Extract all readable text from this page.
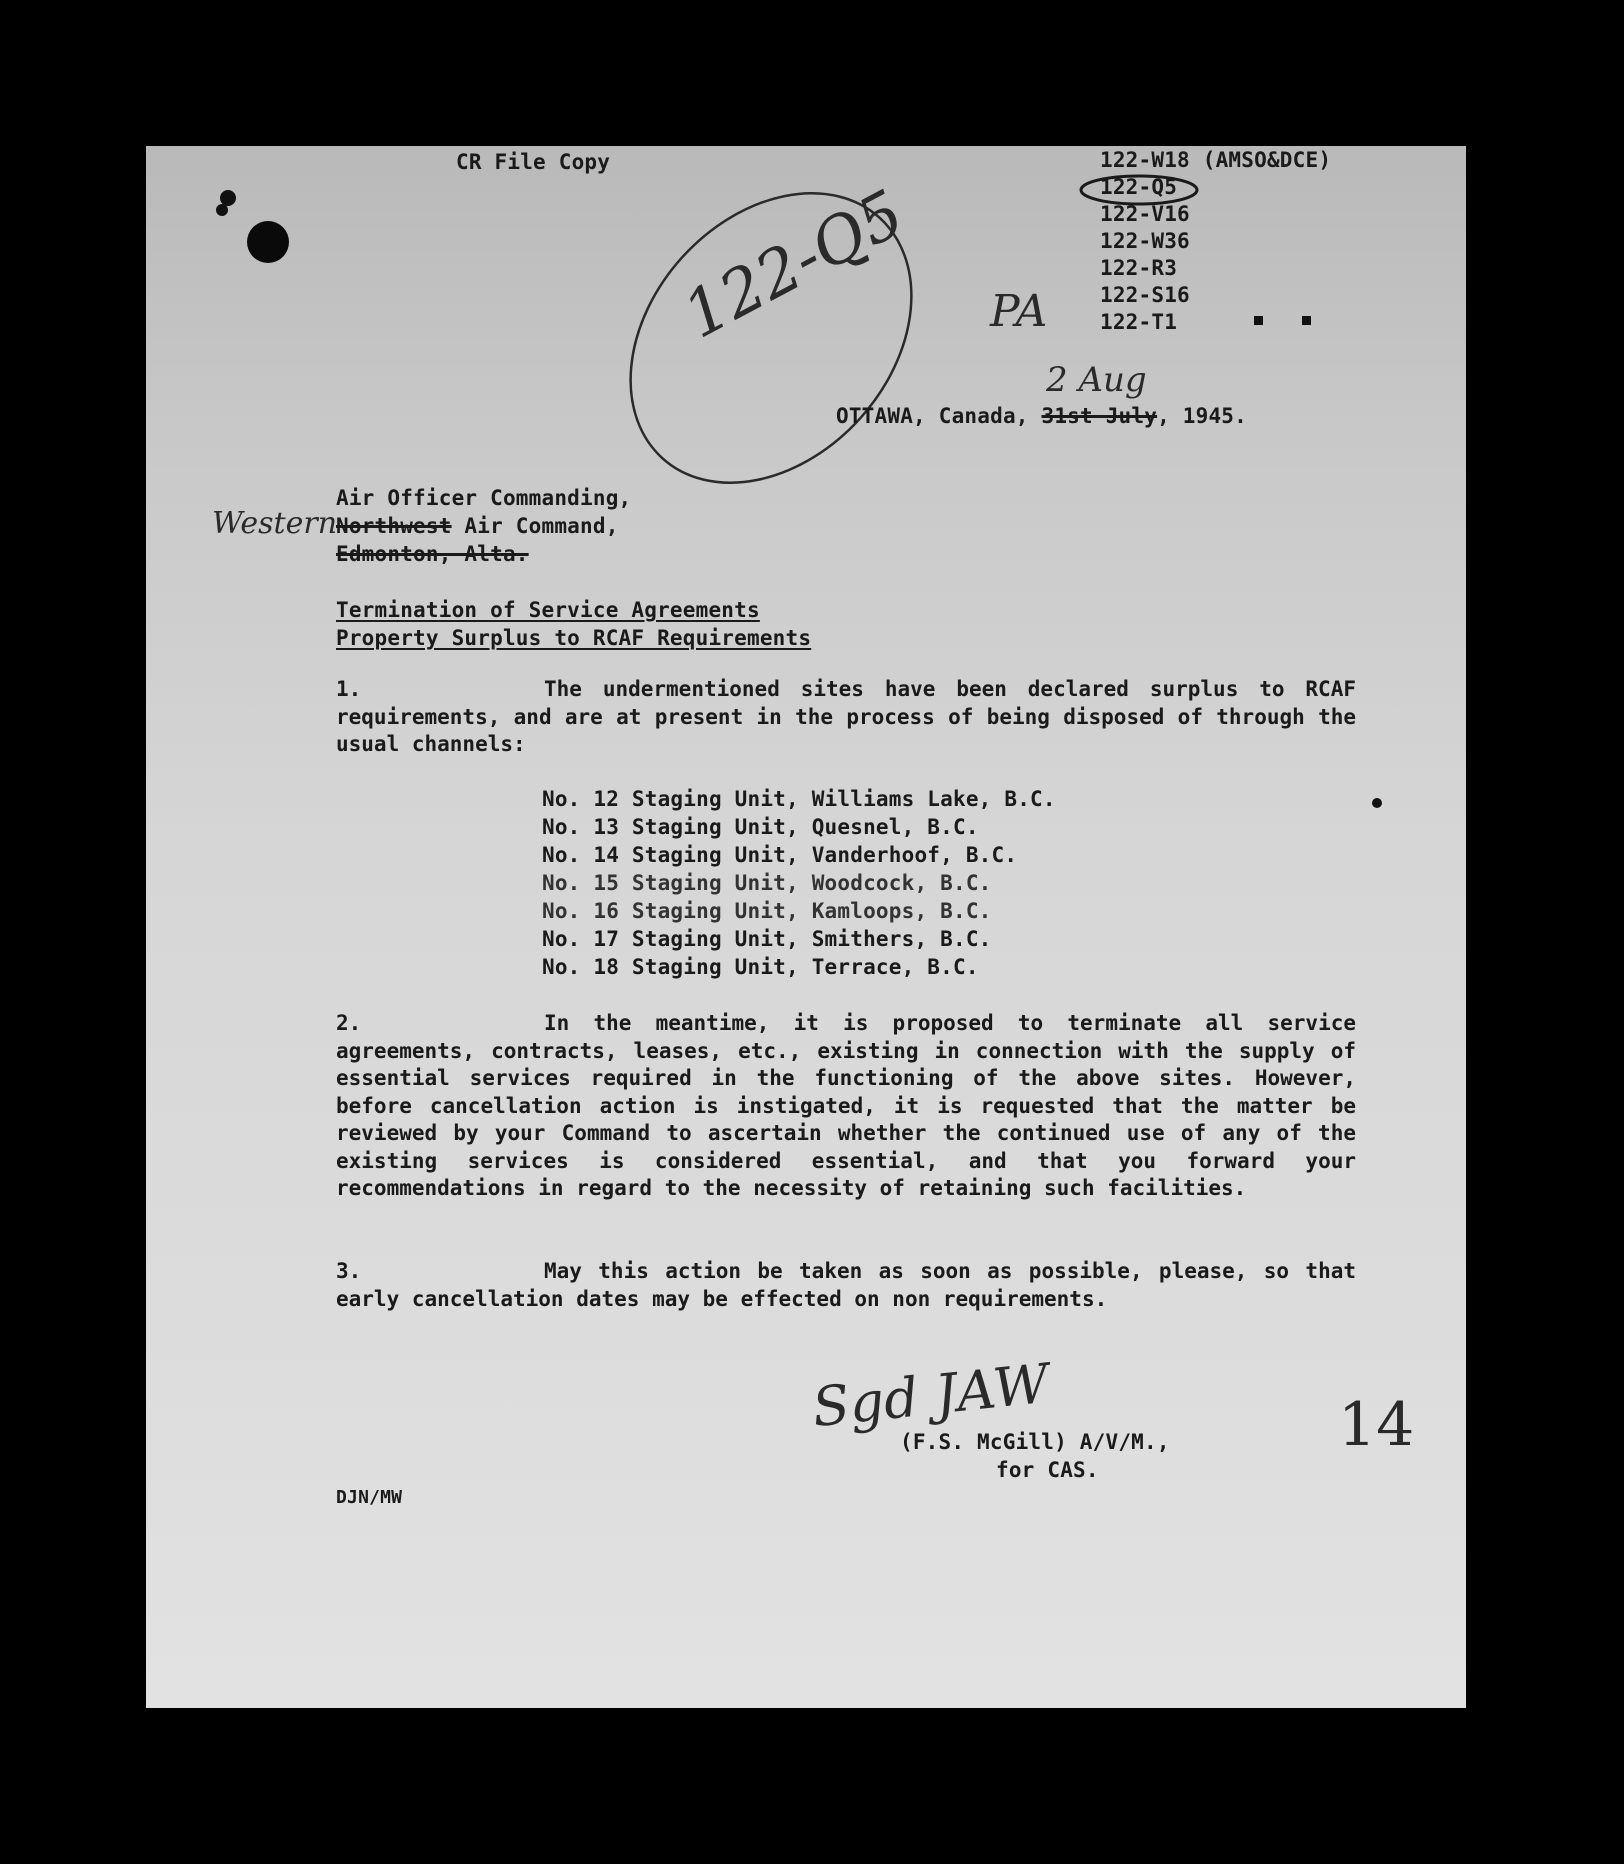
CR File Copy	122-W18 (AMSO&DCE)
122-Q5
122-V16
122-W36
122-R3
122-S16
122-T1
122-Q5 PA
2 Aug
OTTAWA, Canada, 31st July, 1945.
Western
Air Officer Commanding,
Northwest Air Command,
Edmonton, Alta.
Termination of Service Agreements
Property Surplus to RCAF Requirements
1.	The undermentioned sites have been declared surplus to RCAF requirements, and are at present in the process of being disposed of through the usual channels:
No. 12 Staging Unit, Williams Lake, B.C.
No. 13 Staging Unit, Quesnel, B.C.
No. 14 Staging Unit, Vanderhoof, B.C.
No. 15 Staging Unit, Woodcock, B.C.
No. 16 Staging Unit, Kamloops, B.C.
No. 17 Staging Unit, Smithers, B.C.
No. 18 Staging Unit, Terrace, B.C.
2.	In the meantime, it is proposed to terminate all service agreements, contracts, leases, etc., existing in connection with the supply of essential services required in the functioning of the above sites. However, before cancellation action is instigated, it is requested that the matter be reviewed by your Command to ascertain whether the continued use of any of the existing services is considered essential, and that you forward your recommendations in regard to the necessity of retaining such facilities.
3.	May this action be taken as soon as possible, please, so that early cancellation dates may be effected on non requirements.
Sgd JAW
(F.S. McGill) A/V/M.,
for CAS.
14
DJN/MW
